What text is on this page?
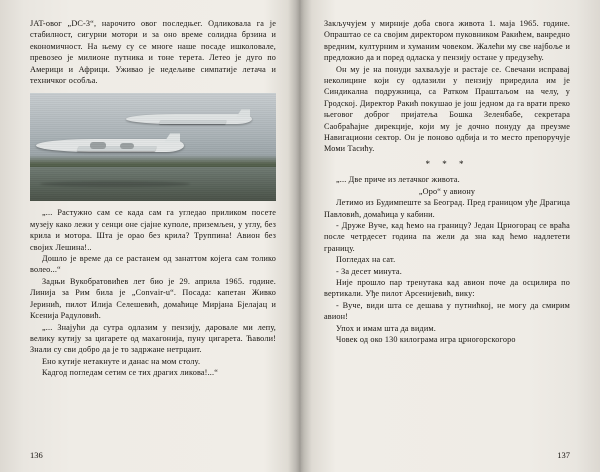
JAT-овог „DC-3“, нарочито овог последњег. Одликовала га је стабилност, сигурни мотори и за оно време солидна брзина и економичност. На њему су се многе наше посаде ишколовале, превозео је милионе путника и тоне терета. Летео је дуго по Америци и Африци. Уживао је недељиве симпатије летача и техничког особља.

„... Растужно сам се када сам га угледао приликом посете музеју како лежи у сенци оне сјајне куполе, приземљен, у углу, без крила и мотора. Шта је орао без крила? Труппина! Авион без својих Лешина!..

Дошло је време да се растанем од занаттом којега сам толико волео...“

Задњи Вукобратовићев лет био је 29. априла 1965. године. Линија за Рим била је „Convair-u“. Посада: капетан Живко Јеринић, пилот Илија Селешевић, домаћице Мирјана Бјелајац и Ксенија Радуловић.

„... Знајући да сутра одлазим у пензију, даровале ми лепу, велику кутију за цигарете од махагонија, пуну цигарета. Ћаволи! Знали су сви добро да је то задржане нетрцаит.

Ено кутије нетакнуте и данас на мом столу.

Кадгод погледам сетим се тих драгих ликова!...“

136

Закључујем у мирније доба свога живота 1. маја 1965. године. Опраштао се са својим директором пуковником Ракићем, ванредно вредним, културним и хуманим човеком. Жалећи му све најбоље и предложио да и поред одласка у пензију остане у предузећу.

Он му је на понуди захваљује и растаје се. Свечани исправај неколицине који су одлазили у пензију приредила им је Синдикална подружница, са Ратком Праштаљом на челу, у Гродској. Директор Ракић покушао је још једном да га врати преко његовог доброг пријатеља Бошка Зеленбабе, секретара Саобраћајне дирекције, који му је дочно понуду да преузме Навигациони сектор. Он је поново одбија и то место препоручује Моми Тасићу.

* * *

„... Две приче из летачког живота.

„Оро“ у авиону

Летимо из Будимпеште за Београд. Пред границом уђе Драгица Павловић, домаћица у кабини.

- Друже Вуче, кад ћемо на границу? Један Црногорац се враћа после четрдесет година па жели да зна кад ћемо надлетети границу.

Погледах на сат.

- За десет минута.

Није прошло пар тренутака кад авион поче да осцилира по вертикали. Уђе пилот Арсенијевић, вику:

- Вуче, види шта се дешава у путнићкој, не могу да смирим авион!

Упох и имам шта да видим.

Човек од око 130 килограма игра црногорскогоро

137
